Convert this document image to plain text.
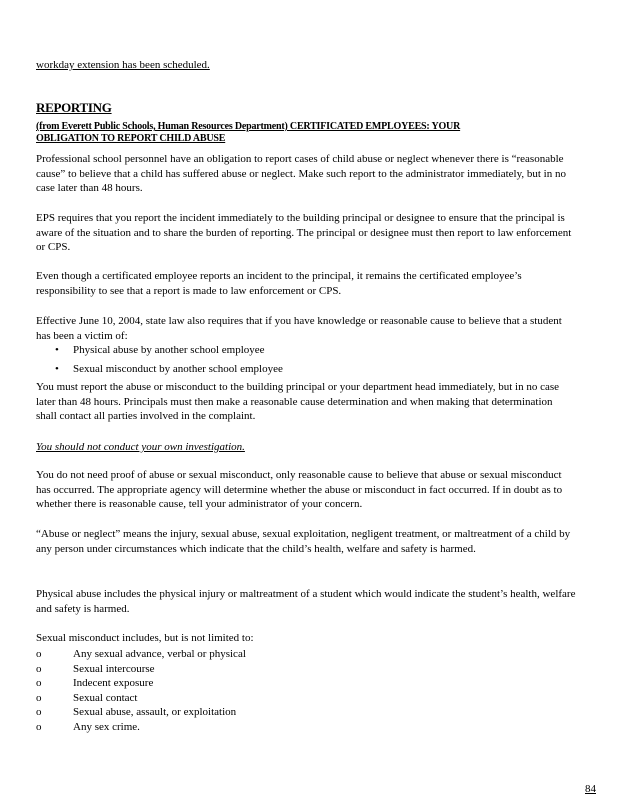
workday extension has been scheduled.
REPORTING
(from Everett Public Schools, Human Resources Department) CERTIFICATED EMPLOYEES: YOUR OBLIGATION TO REPORT CHILD ABUSE
Professional school personnel have an obligation to report cases of child abuse or neglect whenever there is “reasonable cause” to believe that a child has suffered abuse or neglect. Make such report to the administrator immediately, but in no case later than 48 hours.
EPS requires that you report the incident immediately to the building principal or designee to ensure that the principal is aware of the situation and to share the burden of reporting. The principal or designee must then report to law enforcement or CPS.
Even though a certificated employee reports an incident to the principal, it remains the certificated employee’s responsibility to see that a report is made to law enforcement or CPS.
Effective June 10, 2004, state law also requires that if you have knowledge or reasonable cause to believe that a student has been a victim of:
• Physical abuse by another school employee
• Sexual misconduct by another school employee
You must report the abuse or misconduct to the building principal or your department head immediately, but in no case later than 48 hours. Principals must then make a reasonable cause determination and when making that determination shall contact all parties involved in the complaint.
You should not conduct your own investigation.
You do not need proof of abuse or sexual misconduct, only reasonable cause to believe that abuse or sexual misconduct has occurred. The appropriate agency will determine whether the abuse or misconduct in fact occurred. If in doubt as to whether there is reasonable cause, tell your administrator of your concern.
“Abuse or neglect” means the injury, sexual abuse, sexual exploitation, negligent treatment, or maltreatment of a child by any person under circumstances which indicate that the child’s health, welfare and safety is harmed.
Physical abuse includes the physical injury or maltreatment of a student which would indicate the student’s health, welfare and safety is harmed.
Sexual misconduct includes, but is not limited to:
o	Any sexual advance, verbal or physical
o	Sexual intercourse
o	Indecent exposure
o	Sexual contact
o	Sexual abuse, assault, or exploitation
o	Any sex crime.
84
